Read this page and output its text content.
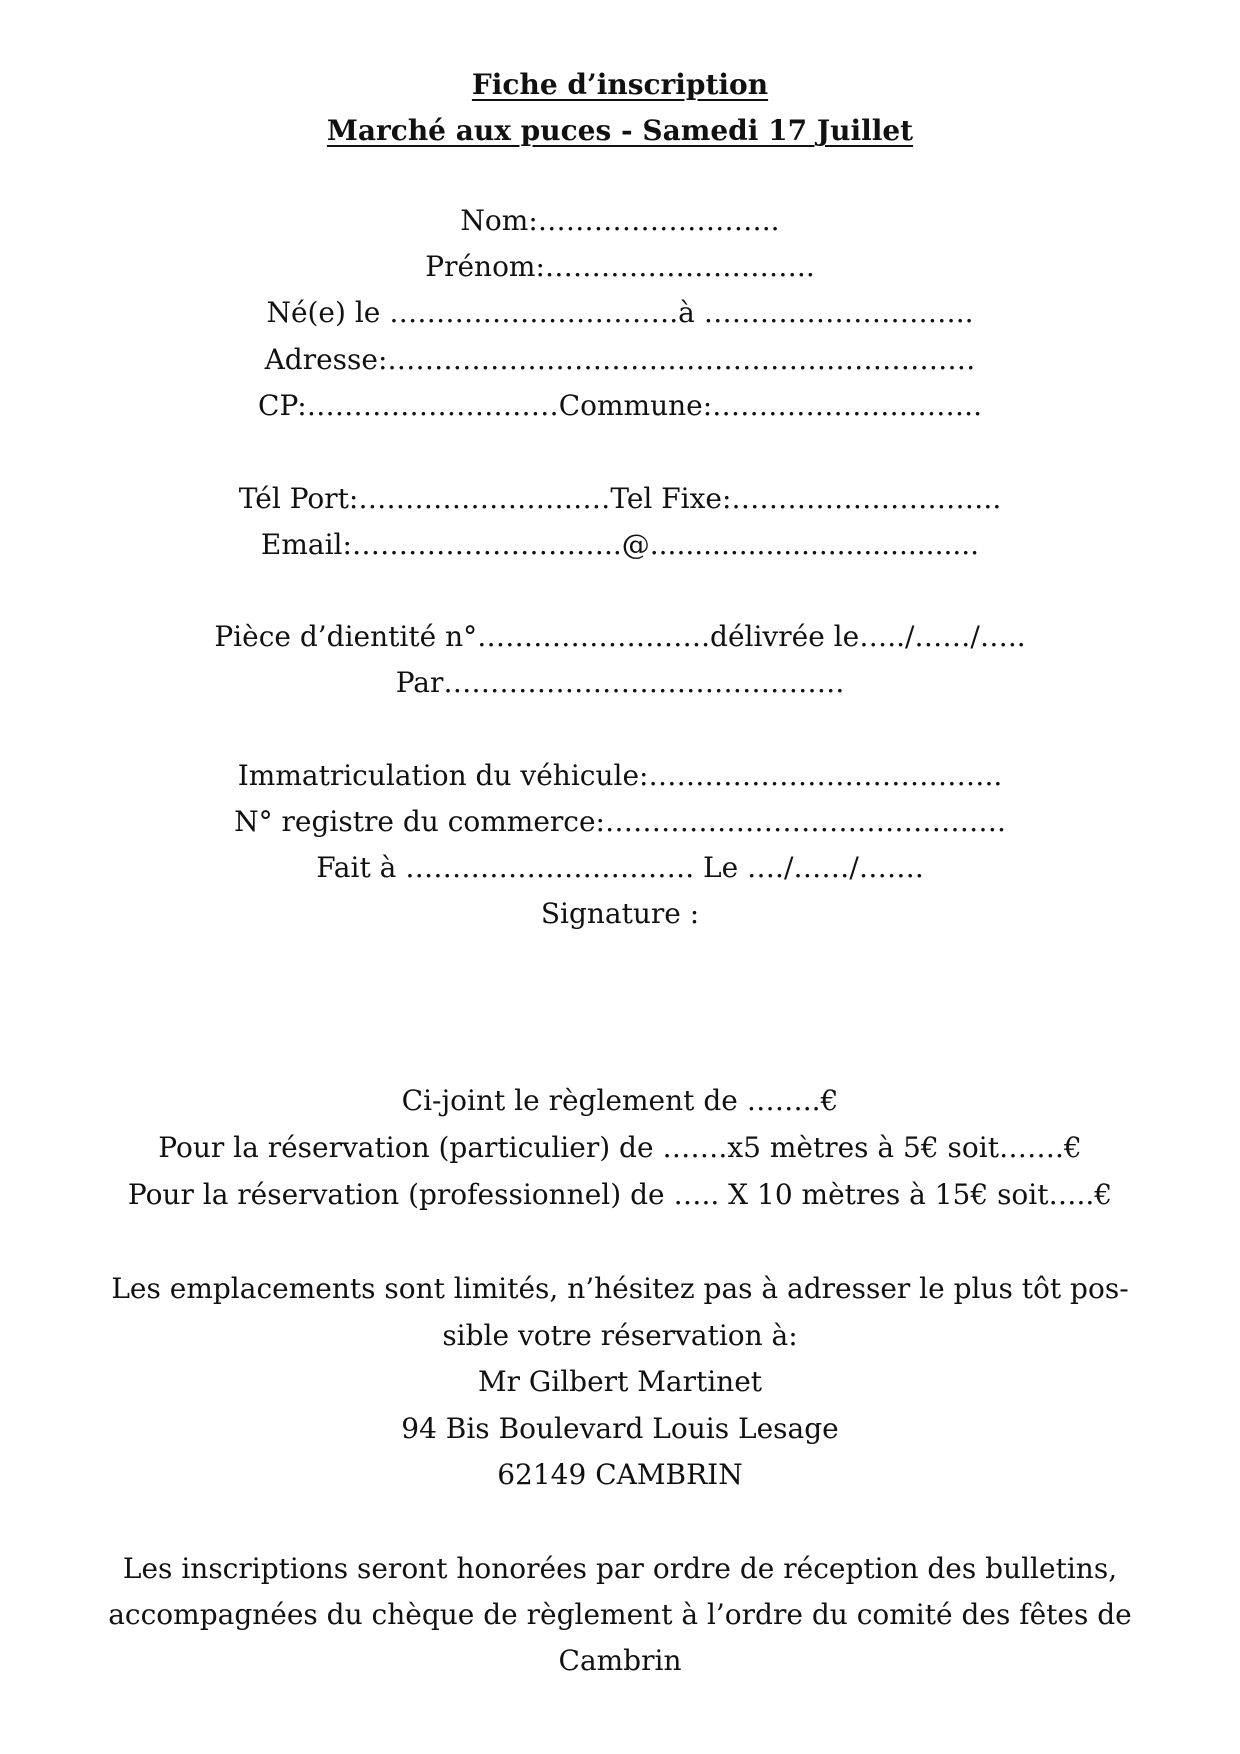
Fiche d’inscription
Marché aux puces - Samedi 17 Juillet
Nom:……………………..
Prénom:………………………..
Né(e) le ………………………….à ………………………..
Adresse:………………………………………………………
CP:………………………Commune:………………………..
Tél Port:………………………Tel Fixe:………………………..
Email:………………………..@.....................................
Pièce d’dientité n°…………………….délivrée le…../……/…..
Par…………………………………….
Immatriculation du véhicule:………………………………..
N° registre du commerce:…………………………………….
Fait à …………………………. Le …./……/…….
Signature :
Ci-joint le règlement de ……..€
Pour la réservation (particulier) de …….x5 mètres à 5€ soit…….€
Pour la réservation (professionnel) de ….. X 10 mètres à 15€ soit…..€
Les emplacements sont limités, n’hésitez pas à adresser le plus tôt pos-
sible votre réservation à:
Mr Gilbert Martinet
94 Bis Boulevard Louis Lesage
62149 CAMBRIN
Les inscriptions seront honorées par ordre de réception des bulletins,
accompagnées du chèque de règlement à l’ordre du comité des fêtes de
Cambrin
